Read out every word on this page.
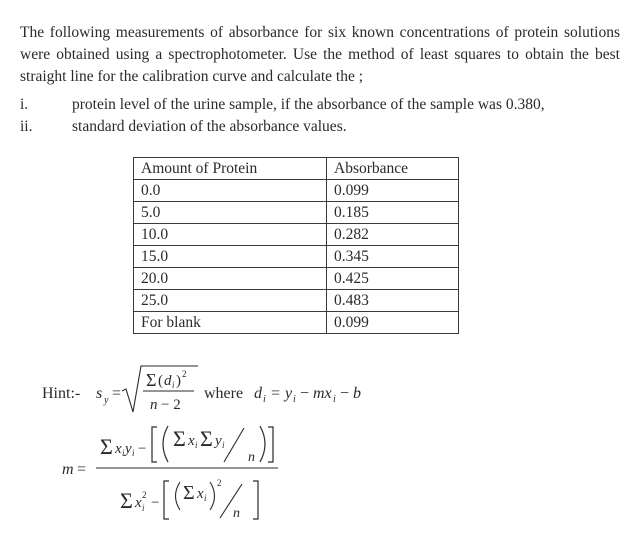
The following measurements of absorbance for six known concentrations of protein solutions were obtained using a spectrophotometer. Use the method of least squares to obtain the best straight line for the calibration curve and calculate the ;

i.	protein level of the urine sample, if the absorbance of the sample was 0.380,
ii.	standard deviation of the absorbance values.
Amount of Protein	Absorbance
0.0	0.099
5.0	0.185
10.0	0.282
15.0	0.345
20.0	0.425
25.0	0.483
For blank	0.099
Hint:- s y =
Σ ( d i ) 2
n − 2
where d i = y i − mx i − b
m =
Σ x i y i − Σ x i Σ y i
n
Σ x 2
i − Σ x i
2
n
